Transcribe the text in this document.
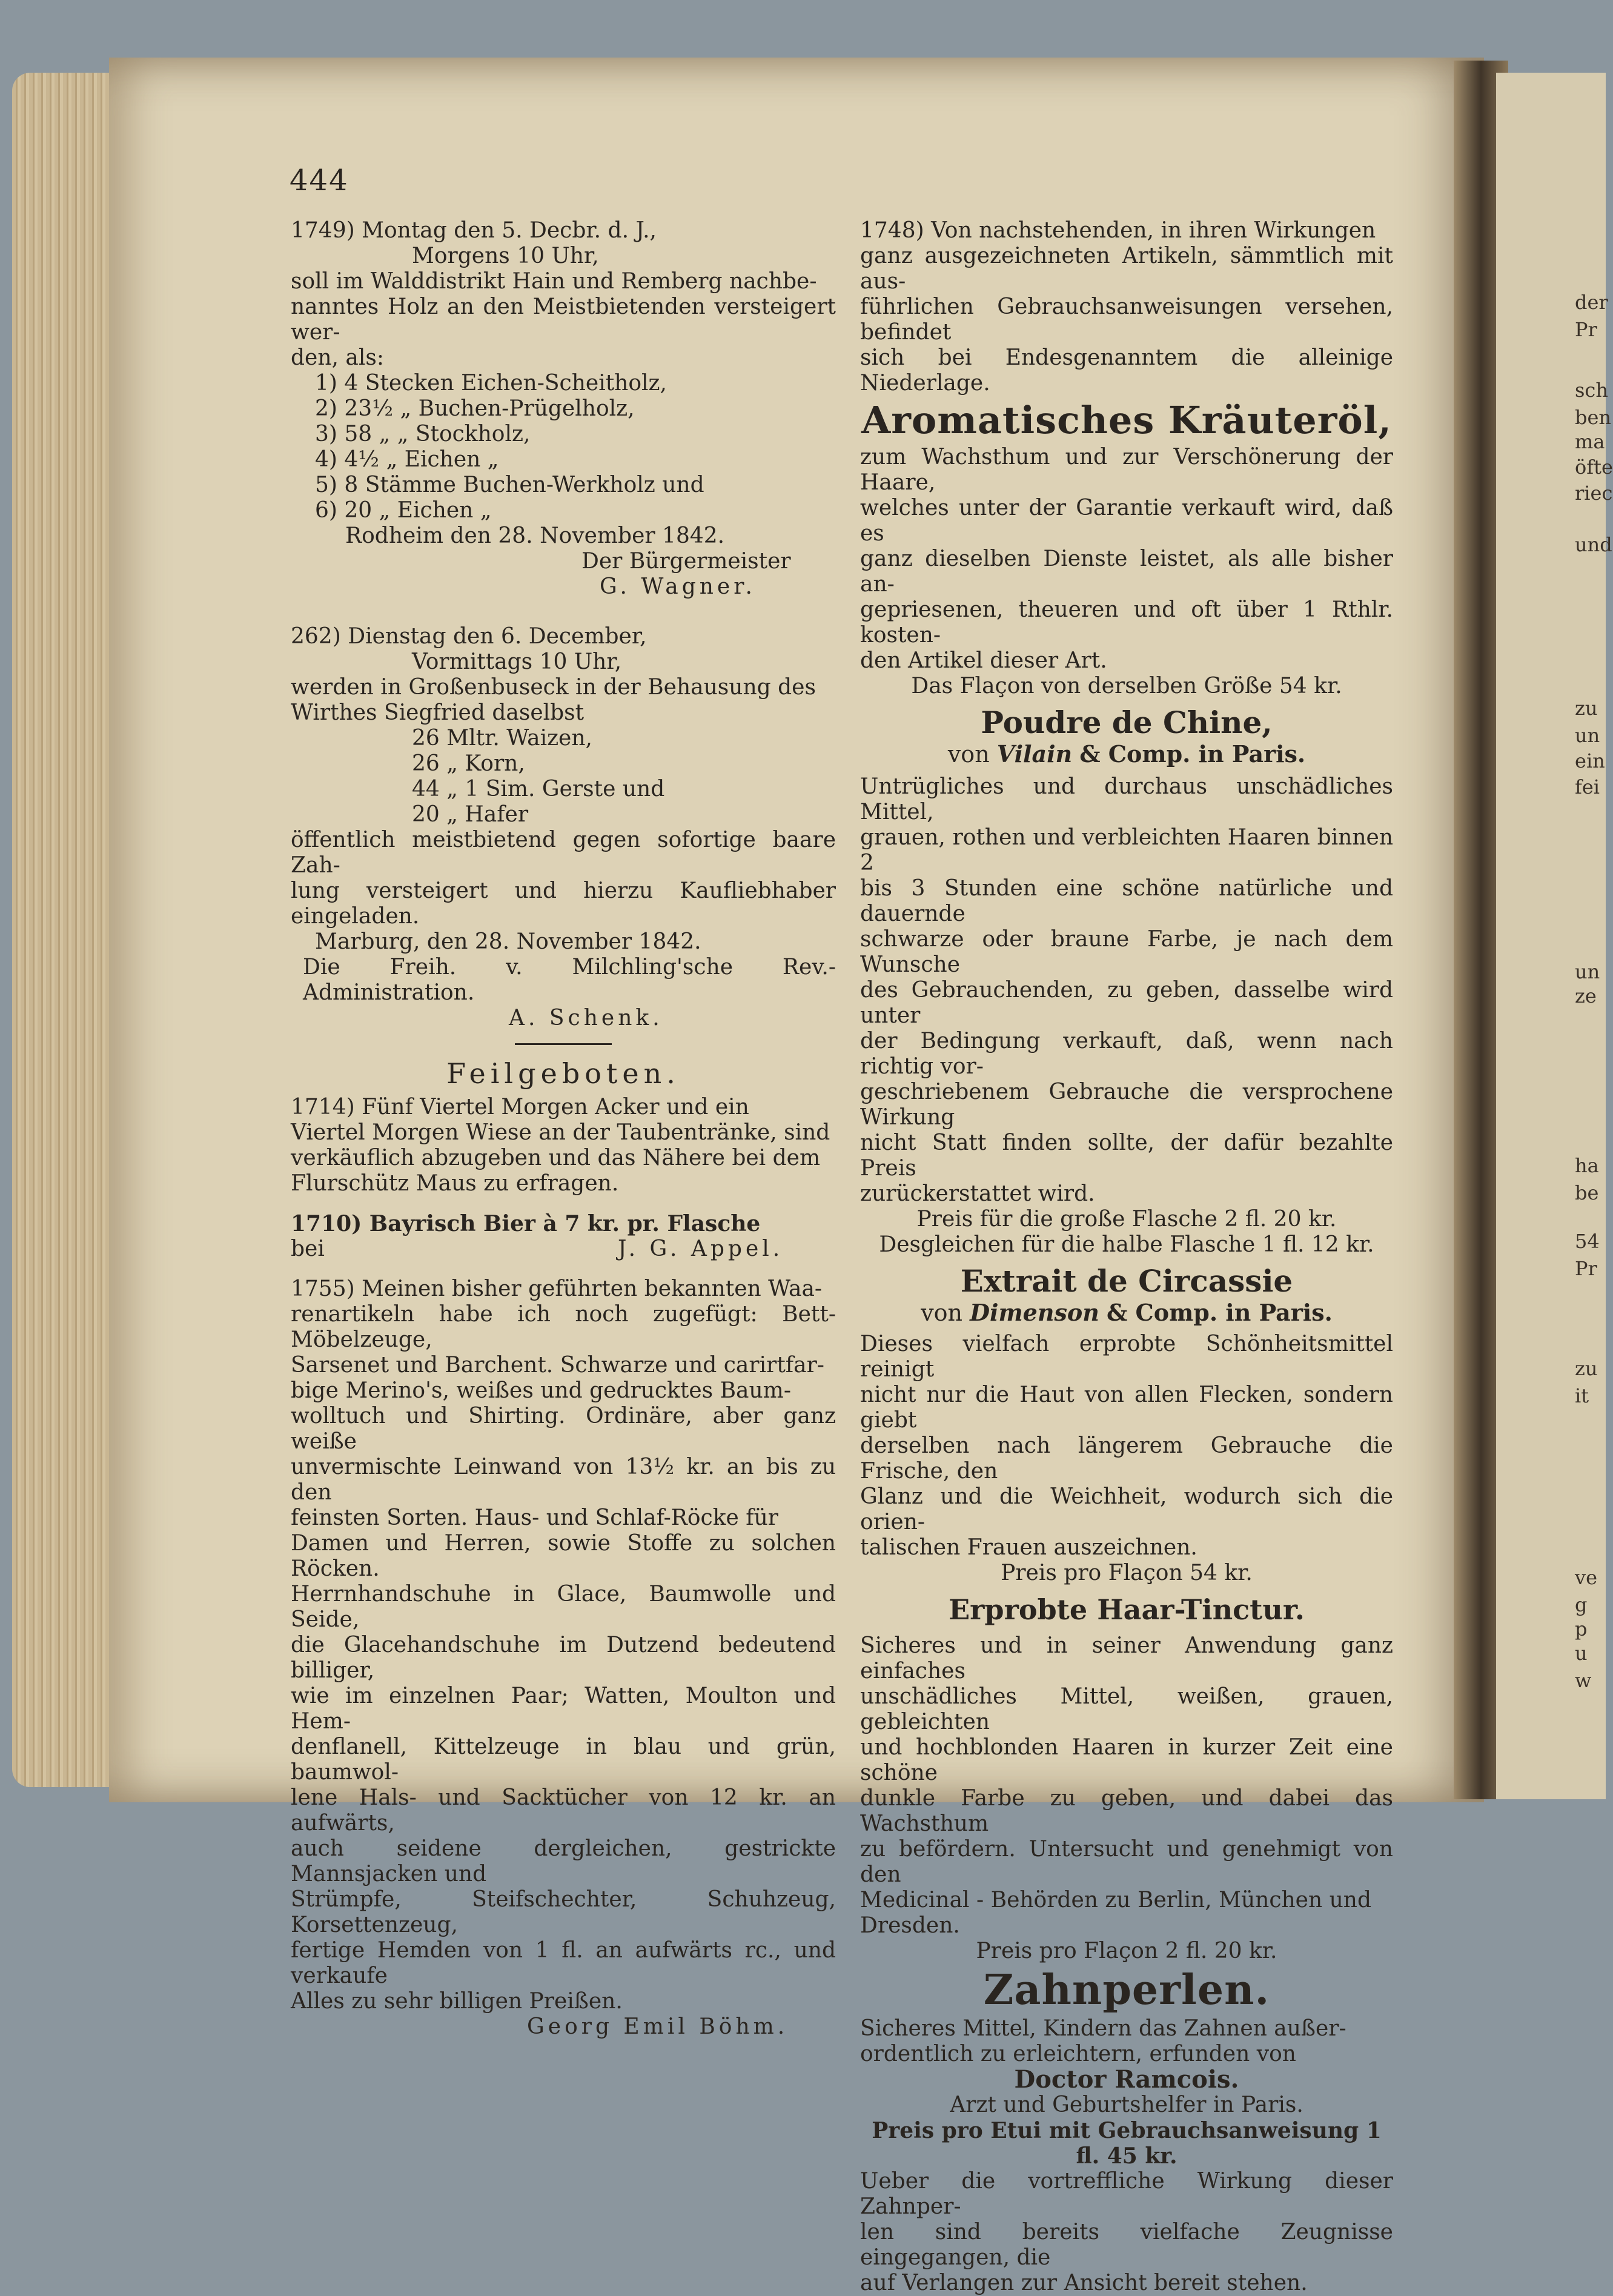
der
Pr
sch
ben
ma
öfte
riec
und
zu
un
ein
fei
un
ze
ha
be
54
Pr
zu
it
ve
g
p
u
w
444

1749) Montag den 5. Decbr. d. J.,

Morgens 10 Uhr,

soll im Walddistrikt Hain und Remberg nachbe-

nanntes Holz an den Meistbietenden versteigert wer-

den, als:

1) 4 Stecken Eichen-Scheitholz,

2) 23½ „ Buchen-Prügelholz,

3) 58 „ „ Stockholz,

4) 4½ „ Eichen „

5) 8 Stämme Buchen-Werkholz und

6) 20 „ Eichen „

Rodheim den 28. November 1842.

Der Bürgermeister

G. Wagner.

262) Dienstag den 6. December,

Vormittags 10 Uhr,

werden in Großenbuseck in der Behausung des

Wirthes Siegfried daselbst

26 Mltr. Waizen,

26 „ Korn,

44 „ 1 Sim. Gerste und

20 „ Hafer

öffentlich meistbietend gegen sofortige baare Zah-

lung versteigert und hierzu Kaufliebhaber eingeladen.

Marburg, den 28. November 1842.

Die Freih. v. Milchling'sche Rev.-Administration.

A. Schenk.

Feilgeboten.

1714) Fünf Viertel Morgen Acker und ein

Viertel Morgen Wiese an der Taubentränke, sind

verkäuflich abzugeben und das Nähere bei dem

Flurschütz Maus zu erfragen.

1710) Bayrisch Bier à 7 kr. pr. Flasche

bei	J. G. Appel.

1755) Meinen bisher geführten bekannten Waa-

renartikeln habe ich noch zugefügt: Bett-Möbelzeuge,

Sarsenet und Barchent. Schwarze und carirtfar-

bige Merino's, weißes und gedrucktes Baum-

wolltuch und Shirting. Ordinäre, aber ganz weiße

unvermischte Leinwand von 13½ kr. an bis zu den

feinsten Sorten. Haus- und Schlaf-Röcke für

Damen und Herren, sowie Stoffe zu solchen Röcken.

Herrnhandschuhe in Glace, Baumwolle und Seide,

die Glacehandschuhe im Dutzend bedeutend billiger,

wie im einzelnen Paar; Watten, Moulton und Hem-

denflanell, Kittelzeuge in blau und grün, baumwol-

lene Hals- und Sacktücher von 12 kr. an aufwärts,

auch seidene dergleichen, gestrickte Mannsjacken und

Strümpfe, Steifschechter, Schuhzeug, Korsettenzeug,

fertige Hemden von 1 fl. an aufwärts rc., und verkaufe

Alles zu sehr billigen Preißen.

Georg Emil Böhm.

1748) Von nachstehenden, in ihren Wirkungen

ganz ausgezeichneten Artikeln, sämmtlich mit aus-

führlichen Gebrauchsanweisungen versehen, befindet

sich bei Endesgenanntem die alleinige Niederlage.

Aromatisches Kräuteröl,

zum Wachsthum und zur Verschönerung der Haare,

welches unter der Garantie verkauft wird, daß es

ganz dieselben Dienste leistet, als alle bisher an-

gepriesenen, theueren und oft über 1 Rthlr. kosten-

den Artikel dieser Art.

Das Flaçon von derselben Größe 54 kr.

Poudre de Chine,

von Vilain & Comp. in Paris.

Untrügliches und durchaus unschädliches Mittel,

grauen, rothen und verbleichten Haaren binnen 2

bis 3 Stunden eine schöne natürliche und dauernde

schwarze oder braune Farbe, je nach dem Wunsche

des Gebrauchenden, zu geben, dasselbe wird unter

der Bedingung verkauft, daß, wenn nach richtig vor-

geschriebenem Gebrauche die versprochene Wirkung

nicht Statt finden sollte, der dafür bezahlte Preis

zurückerstattet wird.

Preis für die große Flasche 2 fl. 20 kr.

Desgleichen für die halbe Flasche 1 fl. 12 kr.

Extrait de Circassie

von Dimenson & Comp. in Paris.

Dieses vielfach erprobte Schönheitsmittel reinigt

nicht nur die Haut von allen Flecken, sondern giebt

derselben nach längerem Gebrauche die Frische, den

Glanz und die Weichheit, wodurch sich die orien-

talischen Frauen auszeichnen.

Preis pro Flaçon 54 kr.

Erprobte Haar-Tinctur.

Sicheres und in seiner Anwendung ganz einfaches

unschädliches Mittel, weißen, grauen, gebleichten

und hochblonden Haaren in kurzer Zeit eine schöne

dunkle Farbe zu geben, und dabei das Wachsthum

zu befördern. Untersucht und genehmigt von den

Medicinal - Behörden zu Berlin, München und

Dresden.

Preis pro Flaçon 2 fl. 20 kr.

Zahnperlen.

Sicheres Mittel, Kindern das Zahnen außer-

ordentlich zu erleichtern, erfunden von

Doctor Ramcois.

Arzt und Geburtshelfer in Paris.

Preis pro Etui mit Gebrauchsanweisung 1 fl. 45 kr.

Ueber die vortreffliche Wirkung dieser Zahnper-

len sind bereits vielfache Zeugnisse eingegangen, die

auf Verlangen zur Ansicht bereit stehen.
